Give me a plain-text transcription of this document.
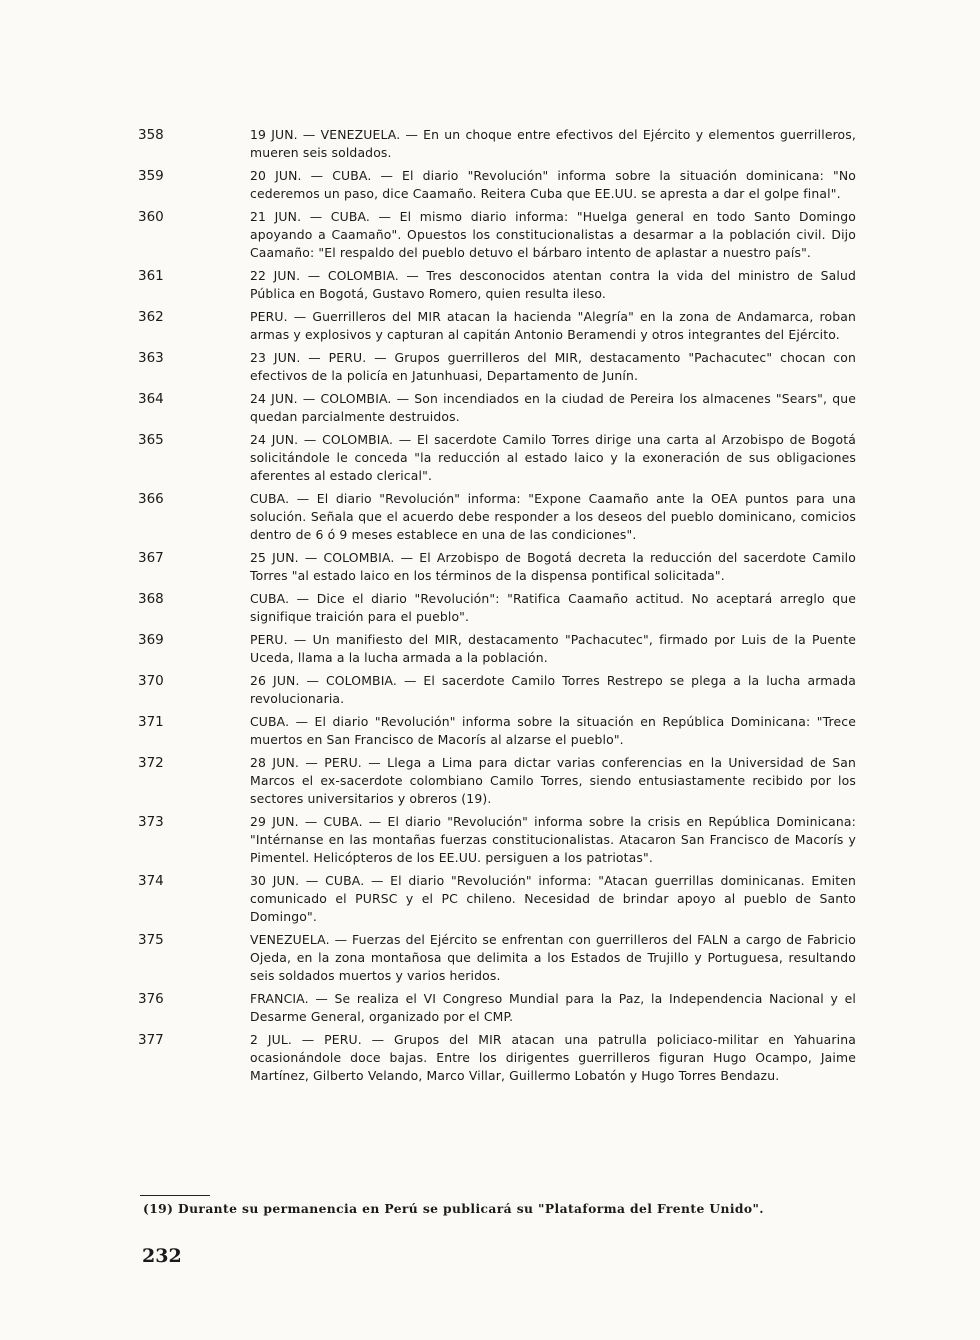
358	19 JUN. — VENEZUELA. — En un choque entre efectivos del Ejército y elementos guerrilleros, mueren seis soldados.
359	20 JUN. — CUBA. — El diario "Revolución" informa sobre la situación dominicana: "No cederemos un paso, dice Caamaño. Reitera Cuba que EE.UU. se apresta a dar el golpe final".
360	21 JUN. — CUBA. — El mismo diario informa: "Huelga general en todo Santo Domingo apoyando a Caamaño". Opuestos los constitucionalistas a desarmar a la población civil. Dijo Caamaño: "El respaldo del pueblo detuvo el bárbaro intento de aplastar a nuestro país".
361	22 JUN. — COLOMBIA. — Tres desconocidos atentan contra la vida del ministro de Salud Pública en Bogotá, Gustavo Romero, quien resulta ileso.
362	PERU. — Guerrilleros del MIR atacan la hacienda "Alegría" en la zona de Andamarca, roban armas y explosivos y capturan al capitán Antonio Beramendi y otros integrantes del Ejército.
363	23 JUN. — PERU. — Grupos guerrilleros del MIR, destacamento "Pachacutec" chocan con efectivos de la policía en Jatunhuasi, Departamento de Junín.
364	24 JUN. — COLOMBIA. — Son incendiados en la ciudad de Pereira los almacenes "Sears", que quedan parcialmente destruidos.
365	24 JUN. — COLOMBIA. — El sacerdote Camilo Torres dirige una carta al Arzobispo de Bogotá solicitándole le conceda "la reducción al estado laico y la exoneración de sus obligaciones aferentes al estado clerical".
366	CUBA. — El diario "Revolución" informa: "Expone Caamaño ante la OEA puntos para una solución. Señala que el acuerdo debe responder a los deseos del pueblo dominicano, comicios dentro de 6 ó 9 meses establece en una de las condiciones".
367	25 JUN. — COLOMBIA. — El Arzobispo de Bogotá decreta la reducción del sacerdote Camilo Torres "al estado laico en los términos de la dispensa pontifical solicitada".
368	CUBA. — Dice el diario "Revolución": "Ratifica Caamaño actitud. No aceptará arreglo que signifique traición para el pueblo".
369	PERU. — Un manifiesto del MIR, destacamento "Pachacutec", firmado por Luis de la Puente Uceda, llama a la lucha armada a la población.
370	26 JUN. — COLOMBIA. — El sacerdote Camilo Torres Restrepo se plega a la lucha armada revolucionaria.
371	CUBA. — El diario "Revolución" informa sobre la situación en República Dominicana: "Trece muertos en San Francisco de Macorís al alzarse el pueblo".
372	28 JUN. — PERU. — Llega a Lima para dictar varias conferencias en la Universidad de San Marcos el ex-sacerdote colombiano Camilo Torres, siendo entusiastamente recibido por los sectores universitarios y obreros (19).
373	29 JUN. — CUBA. — El diario "Revolución" informa sobre la crisis en República Dominicana: "Intérnanse en las montañas fuerzas constitucionalistas. Atacaron San Francisco de Macorís y Pimentel. Helicópteros de los EE.UU. persiguen a los patriotas".
374	30 JUN. — CUBA. — El diario "Revolución" informa: "Atacan guerrillas dominicanas. Emiten comunicado el PURSC y el PC chileno. Necesidad de brindar apoyo al pueblo de Santo Domingo".
375	VENEZUELA. — Fuerzas del Ejército se enfrentan con guerrilleros del FALN a cargo de Fabricio Ojeda, en la zona montañosa que delimita a los Estados de Trujillo y Portuguesa, resultando seis soldados muertos y varios heridos.
376	FRANCIA. — Se realiza el VI Congreso Mundial para la Paz, la Independencia Nacional y el Desarme General, organizado por el CMP.
377	2 JUL. — PERU. — Grupos del MIR atacan una patrulla policiaco-militar en Yahuarina ocasionándole doce bajas. Entre los dirigentes guerrilleros figuran Hugo Ocampo, Jaime Martínez, Gilberto Velando, Marco Villar, Guillermo Lobatón y Hugo Torres Bendazu.
(19) Durante su permanencia en Perú se publicará su "Plataforma del Frente Unido".
232
